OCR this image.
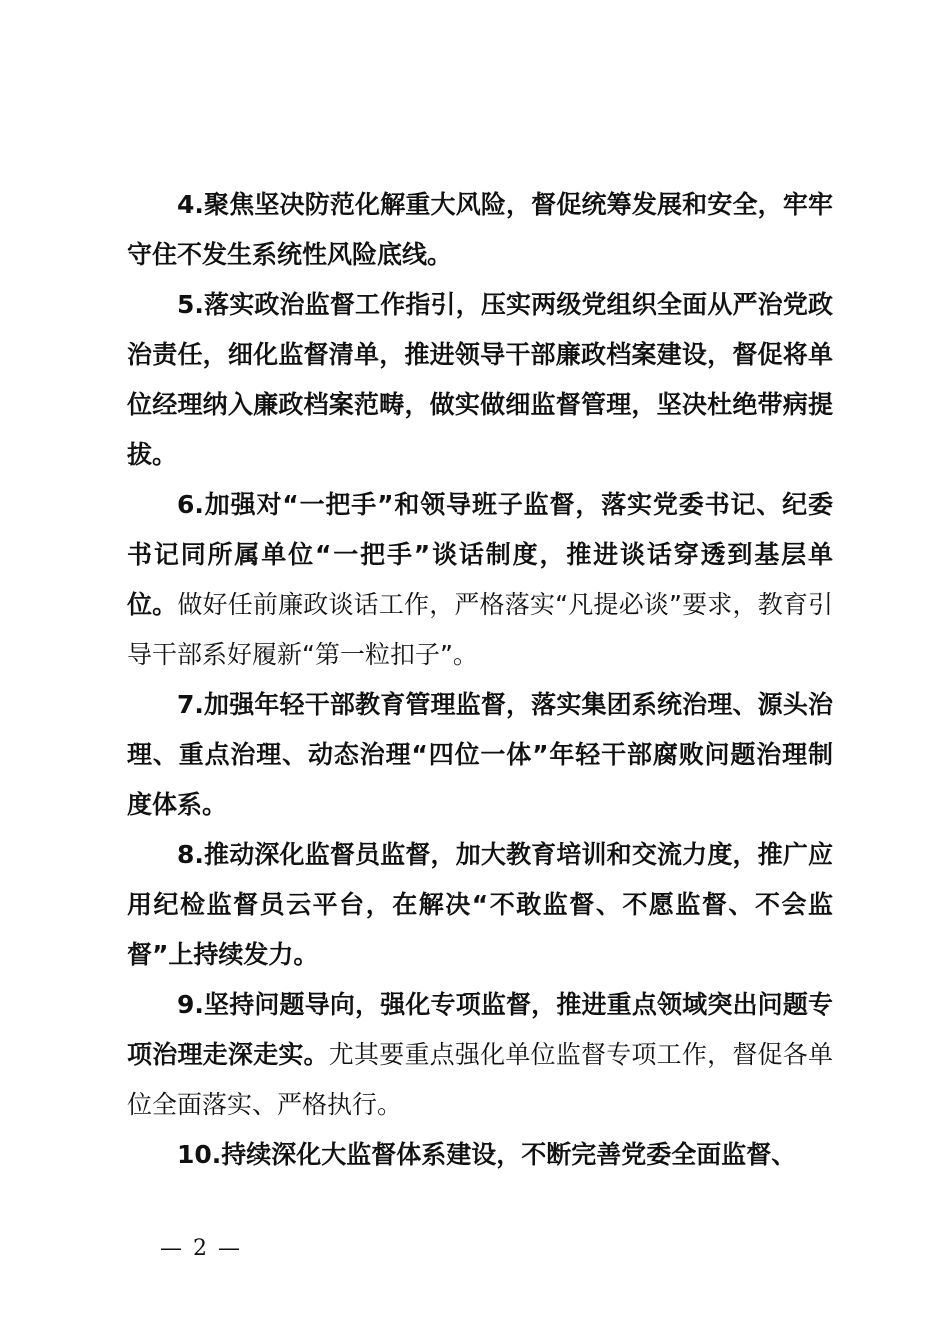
4.聚焦坚决防范化解重大风险，督促统筹发展和安全，牢牢守住不发生系统性风险底线。

5.落实政治监督工作指引，压实两级党组织全面从严治党政治责任，细化监督清单，推进领导干部廉政档案建设，督促将单位经理纳入廉政档案范畴，做实做细监督管理，坚决杜绝带病提拔。

6.加强对“一把手”和领导班子监督，落实党委书记、纪委书记同所属单位“一把手”谈话制度，推进谈话穿透到基层单位。做好任前廉政谈话工作，严格落实“凡提必谈”要求，教育引导干部系好履新“第一粒扣子”。

7.加强年轻干部教育管理监督，落实集团系统治理、源头治理、重点治理、动态治理“四位一体”年轻干部腐败问题治理制度体系。

8.推动深化监督员监督，加大教育培训和交流力度，推广应用纪检监督员云平台，在解决“不敢监督、不愿监督、不会监督”上持续发力。

9.坚持问题导向，强化专项监督，推进重点领域突出问题专项治理走深走实。尤其要重点强化单位监督专项工作，督促各单位全面落实、严格执行。

10.持续深化大监督体系建设，不断完善党委全面监督、

— 2 —
